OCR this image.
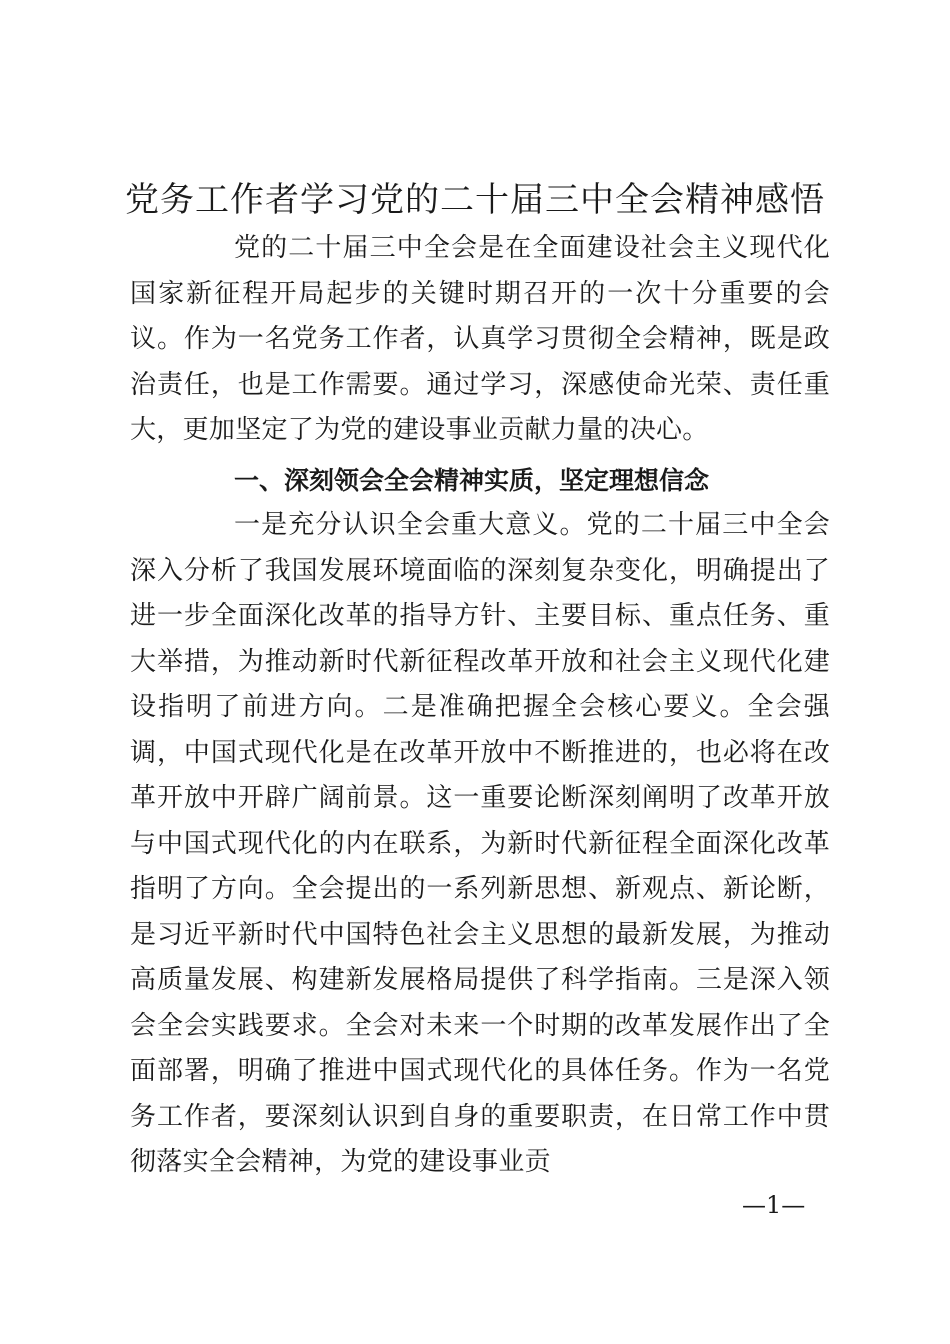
党务工作者学习党的二十届三中全会精神感悟

党的二十届三中全会是在全面建设社会主义现代化国家新征程开局起步的关键时期召开的一次十分重要的会议。作为一名党务工作者，认真学习贯彻全会精神，既是政治责任，也是工作需要。通过学习，深感使命光荣、责任重大，更加坚定了为党的建设事业贡献力量的决心。

一、深刻领会全会精神实质，坚定理想信念

一是充分认识全会重大意义。党的二十届三中全会深入分析了我国发展环境面临的深刻复杂变化，明确提出了进一步全面深化改革的指导方针、主要目标、重点任务、重大举措，为推动新时代新征程改革开放和社会主义现代化建设指明了前进方向。二是准确把握全会核心要义。全会强调，中国式现代化是在改革开放中不断推进的，也必将在改革开放中开辟广阔前景。这一重要论断深刻阐明了改革开放与中国式现代化的内在联系，为新时代新征程全面深化改革指明了方向。全会提出的一系列新思想、新观点、新论断，是习近平新时代中国特色社会主义思想的最新发展，为推动高质量发展、构建新发展格局提供了科学指南。三是深入领会全会实践要求。全会对未来一个时期的改革发展作出了全面部署，明确了推进中国式现代化的具体任务。作为一名党务工作者，要深刻认识到自身的重要职责，在日常工作中贯彻落实全会精神，为党的建设事业贡

—1—
